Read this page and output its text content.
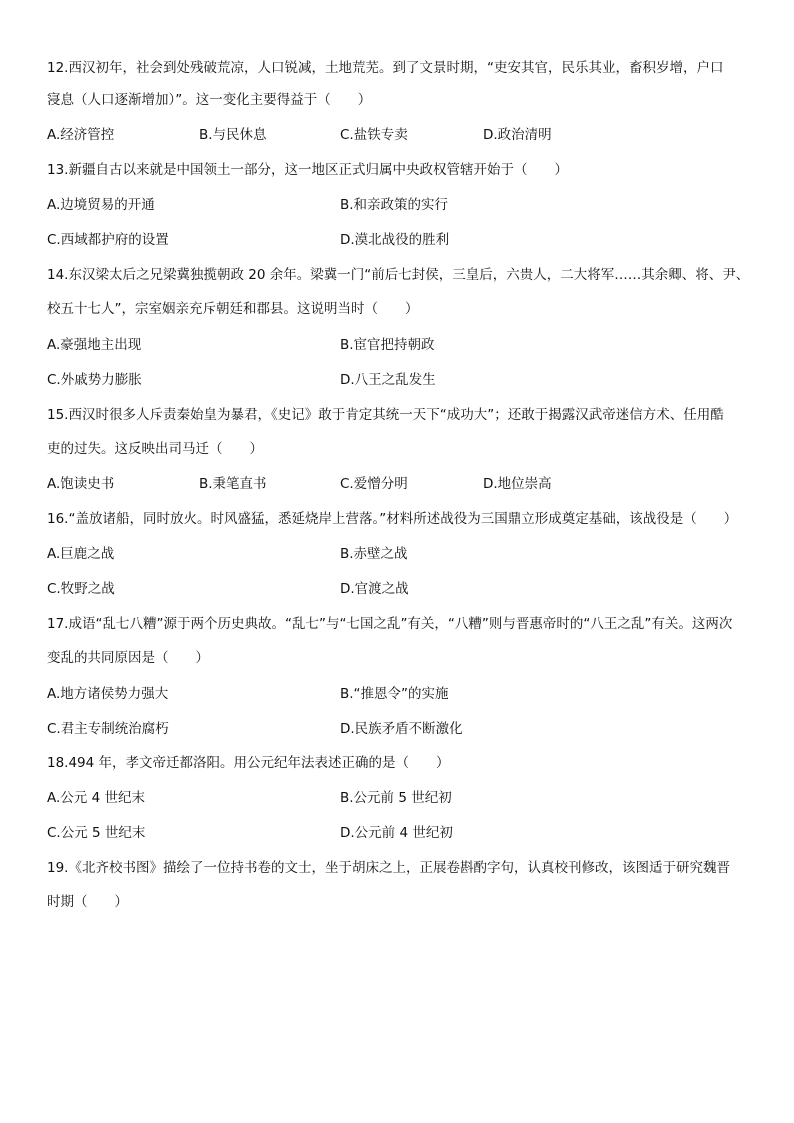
12.西汉初年，社会到处残破荒凉，人口锐减，土地荒芜。到了文景时期，“吏安其官，民乐其业，畜积岁增，户口
寖息（人口逐渐增加）”。这一变化主要得益于（　　）
A.经济管控	B.与民休息	C.盐铁专卖	D.政治清明
13.新疆自古以来就是中国领土一部分，这一地区正式归属中央政权管辖开始于（　　）
A.边境贸易的开通	B.和亲政策的实行
C.西域都护府的设置	D.漠北战役的胜利
14.东汉梁太后之兄梁冀独揽朝政 20 余年。梁冀一门“前后七封侯，三皇后，六贵人，二大将军……其余卿、将、尹、
校五十七人”，宗室姻亲充斥朝廷和郡县。这说明当时（　　）
A.豪强地主出现	B.宦官把持朝政
C.外戚势力膨胀	D.八王之乱发生
15.西汉时很多人斥责秦始皇为暴君，《史记》敢于肯定其统一天下“成功大”；还敢于揭露汉武帝迷信方术、任用酷
吏的过失。这反映出司马迁（　　）
A.饱读史书	B.秉笔直书	C.爱憎分明	D.地位崇高
16.“盖放诸船，同时放火。时风盛猛，悉延烧岸上营落。”材料所述战役为三国鼎立形成奠定基础，该战役是（　　）
A.巨鹿之战	B.赤壁之战
C.牧野之战	D.官渡之战
17.成语“乱七八糟”源于两个历史典故。“乱七”与“七国之乱”有关，“八糟”则与晋惠帝时的“八王之乱”有关。这两次
变乱的共同原因是（　　）
A.地方诸侯势力强大	B.“推恩令”的实施
C.君主专制统治腐朽	D.民族矛盾不断激化
18.494 年，孝文帝迁都洛阳。用公元纪年法表述正确的是（　　）
A.公元 4 世纪末	B.公元前 5 世纪初
C.公元 5 世纪末	D.公元前 4 世纪初
19.《北齐校书图》描绘了一位持书卷的文士，坐于胡床之上，正展卷斟酌字句，认真校刊修改，该图适于研究魏晋
时期（　　）
